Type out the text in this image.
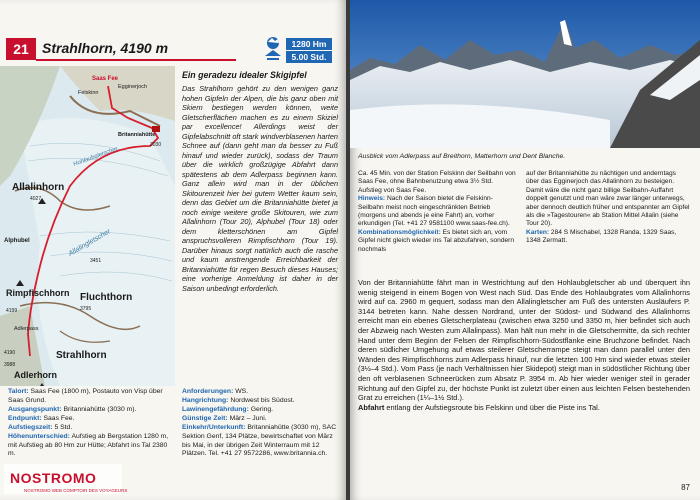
21 Strahlhorn, 4190 m	1280 Hm
5.00 Std.
Saas Fee
Felskinn
Egginerjoch
Britanniahütte
3030
Allalinhorn
4027
Alphubel
Rimpfischhorn
4199
Fluchthorn
3795
3451
Adlerpass
Strahlhorn
4190
3988
Adlerhorn
Hohlaubgletscher
Allalingletscher
Ein geradezu idealer Skigipfel

Das Strahlhorn gehört zu den wenigen ganz hohen Gipfeln der Alpen, die bis ganz oben mit Skiern bestiegen werden können, weite Gletscherflächen machen es zu einem Skiziel par excellence! Allerdings weist der Gipfelabschnitt oft stark windverblasenen harten Schnee auf (dann geht man da besser zu Fuß hinauf und wieder zurück), sodass der Traum über die wirklich großzügige Abfahrt dann spätestens ab dem Adlerpass beginnen kann. Ganz allein wird man in der üblichen Skitourenzeit hier bei gutem Wetter kaum sein, denn das Gebiet um die Britanniahütte bietet ja noch einige weitere große Skitouren, wie zum Allalinhorn (Tour 20), Alphubel (Tour 18) oder dem kletterschönen am Gipfel anspruchsvolleren Rimpfischhorn (Tour 19). Darüber hinaus sorgt natürlich auch die rasche und kaum anstrengende Erreichbarkeit der Britanniahütte für regen Besuch dieses Hauses; eine vorherige Anmeldung ist daher in der Saison unbedingt erforderlich.

Talort: Saas Fee (1800 m), Postauto von Visp über Saas Grund.
Ausgangspunkt: Britanniahütte (3030 m).
Endpunkt: Saas Fee.
Aufstiegszeit: 5 Std.
Höhenunterschied: Aufstieg ab Bergstation 1280 m, mit Aufstieg ab 80 Hm zur Hütte; Abfahrt ins Tal 2380 m.
Anforderungen: WS.
Hangrichtung: Nordwest bis Südost.
Lawinengefährdung: Gering.
Günstige Zeit: März – Juni.
Einkehr/Unterkunft: Britanniahütte (3030 m), SAC Sektion Genf, 134 Plätze, bewirtschaftet von März bis Mai, in der übrigen Zeit Winterraum mit 12 Plätzen. Tel. +41 27 9572286, www.britannia.ch.
NOSTROMO
NOSTROMO WEB COMPTOIR DES VOYAGEURS
Ausblick vom Adlerpass auf Breithorn, Matterhorn und Dent Blanche.
Ca. 45 Min. von der Station Felskinn der Seilbahn von Saas Fee, ohne Bahnbenutzung etwa 3½ Std. Aufstieg von Saas Fee.
Hinweis: Nach der Saison bietet die Felskinn-Seilbahn meist noch eingeschränkten Betrieb (morgens und abends je eine Fahrt) an, vorher erkundigen (Tel. +41 27 9581100 www.saas-fee.ch).
Kombinationsmöglichkeit: Es bietet sich an, vom Gipfel nicht gleich wieder ins Tal abzufahren, sondern nochmals
auf der Britanniahütte zu nächtigen und anderntags über das Egginerjoch das Allalinhorn zu besteigen. Damit wäre die nicht ganz billige Seilbahn-Auffahrt doppelt genutzt und man wäre zwar länger unterwegs, aber dennoch deutlich früher und entspannter am Gipfel als die »Tagestouren« ab Station Mittel Allalin (siehe Tour 20).
Karten: 284 S Mischabel, 1328 Randa, 1329 Saas, 1348 Zermatt.

Von der Britanniahütte fährt man in Westrichtung auf den Hohlaubgletscher ab und überquert ihn wenig steigend in einem Bogen von West nach Süd. Das Ende des Hohlaubgrates vom Allalinhorns wird auf ca. 2960 m gequert, sodass man den Allalingletscher am Fuß des untersten Ausläufers P. 3144 betreten kann. Nahe dessen Nordrand, unter der Südost- und Südwand des Allalinhorns erreicht man ein ebenes Gletscherplateau (zwischen etwa 3250 und 3350 m, hier befindet sich auch der Abzweig nach Westen zum Allalinpass). Man hält nun mehr in die Gletschermitte, da sich rechter Hand unter dem Beginn der Felsen der Rimpfischhorn-Südostflanke eine Bruchzone befindet. Nach deren südlicher Umgehung auf etwas steilerer Gletscherrampe steigt man dann parallel unter den Wänden des Rimpfischhorns zum Adlerpass hinauf, nur die letzten 100 Hm sind wieder etwas steiler (3½–4 Std.). Vom Pass (je nach Verhältnissen hier Skidepot) steigt man in südöstlicher Richtung über den oft verblasenen Schneerücken zum Absatz P. 3954 m. Ab hier wieder weniger steil in gerader Richtung auf den Gipfel zu, der höchste Punkt ist zuletzt über einen aus leichten Felsen bestehenden Grat zu erreichen (1¼–1½ Std.).

Abfahrt entlang der Aufstiegsroute bis Felskinn und über die Piste ins Tal.

87
